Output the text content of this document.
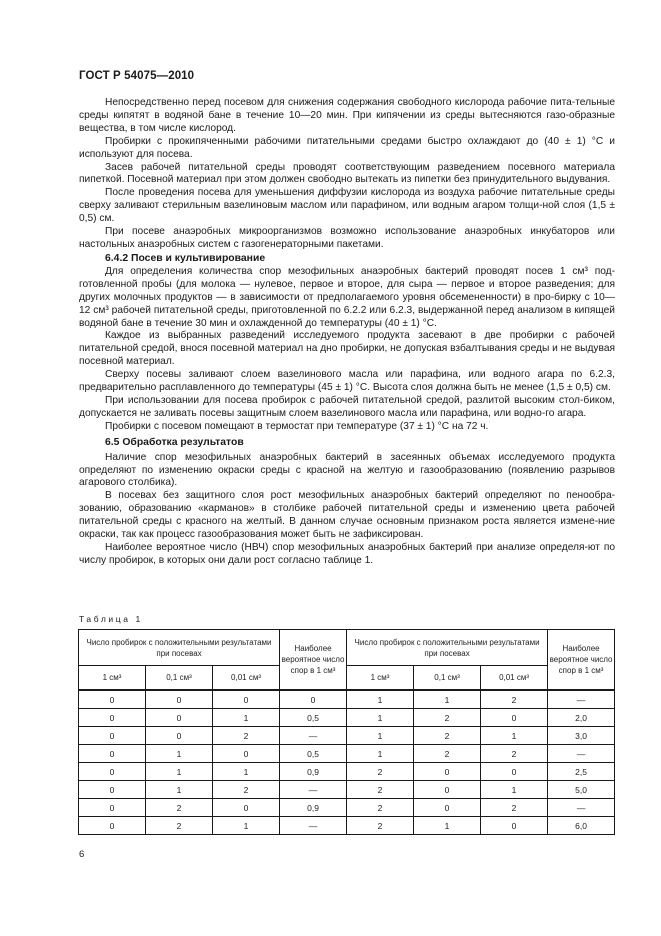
ГОСТ Р 54075—2010

Непосредственно перед посевом для снижения содержания свободного кислорода рабочие пита-тельные среды кипятят в водяной бане в течение 10—20 мин. При кипячении из среды вытесняются газо-образные вещества, в том числе кислород.

Пробирки с прокипяченными рабочими питательными средами быстро охлаждают до (40 ± 1) °С и используют для посева.

Засев рабочей питательной среды проводят соответствующим разведением посевного материала пипеткой. Посевной материал при этом должен свободно вытекать из пипетки без принудительного выдувания.

После проведения посева для уменьшения диффузии кислорода из воздуха рабочие питательные среды сверху заливают стерильным вазелиновым маслом или парафином, или водным агаром толщи-ной слоя (1,5 ± 0,5) см.

При посеве анаэробных микроорганизмов возможно использование анаэробных инкубаторов или настольных анаэробных систем с газогенераторными пакетами.

6.4.2 Посев и культивирование

Для определения количества спор мезофильных анаэробных бактерий проводят посев 1 см³ под-готовленной пробы (для молока — нулевое, первое и второе, для сыра — первое и второе разведения; для других молочных продуктов — в зависимости от предполагаемого уровня обсемененности) в про-бирку с 10—12 см³ рабочей питательной среды, приготовленной по 6.2.2 или 6.2.3, выдержанной перед анализом в кипящей водяной бане в течение 30 мин и охлажденной до температуры (40 ± 1) °С.

Каждое из выбранных разведений исследуемого продукта засевают в две пробирки с рабочей питательной средой, внося посевной материал на дно пробирки, не допуская взбалтывания среды и не выдувая посевной материал.

Сверху посевы заливают слоем вазелинового масла или парафина, или водного агара по 6.2.3, предварительно расплавленного до температуры (45 ± 1) °С. Высота слоя должна быть не менее (1,5 ± 0,5) см.

При использовании для посева пробирок с рабочей питательной средой, разлитой высоким стол-биком, допускается не заливать посевы защитным слоем вазелинового масла или парафина, или водно-го агара.

Пробирки с посевом помещают в термостат при температуре (37 ± 1) °С на 72 ч.

6.5 Обработка результатов

Наличие спор мезофильных анаэробных бактерий в засеянных объемах исследуемого продукта определяют по изменению окраски среды с красной на желтую и газообразованию (появлению разрывов агарового столбика).

В посевах без защитного слоя рост мезофильных анаэробных бактерий определяют по пенообра-зованию, образованию «карманов» в столбике рабочей питательной среды и изменению цвета рабочей питательной среды с красного на желтый. В данном случае основным признаком роста является измене-ние окраски, так как процесс газообразования может быть не зафиксирован.

Наиболее вероятное число (НВЧ) спор мезофильных анаэробных бактерий при анализе определя-ют по числу пробирок, в которых они дали рост согласно таблице 1.

Таблица 1
Число пробирок с положительными результатами при посевах			Наиболее вероятное число спор в 1 см³	Число пробирок с положительными результатами при посевах			Наиболее вероятное число спор в 1 см³
1 см³	0,1 см³	0,01 см³		1 см³	0,1 см³	0,01 см³	
0	0	0	0	1	1	2	—
0	0	1	0,5	1	2	0	2,0
0	0	2	—	1	2	1	3,0
0	1	0	0,5	1	2	2	—
0	1	1	0,9	2	0	0	2,5
0	1	2	—	2	0	1	5,0
0	2	0	0,9	2	0	2	—
0	2	1	—	2	1	0	6,0
6
